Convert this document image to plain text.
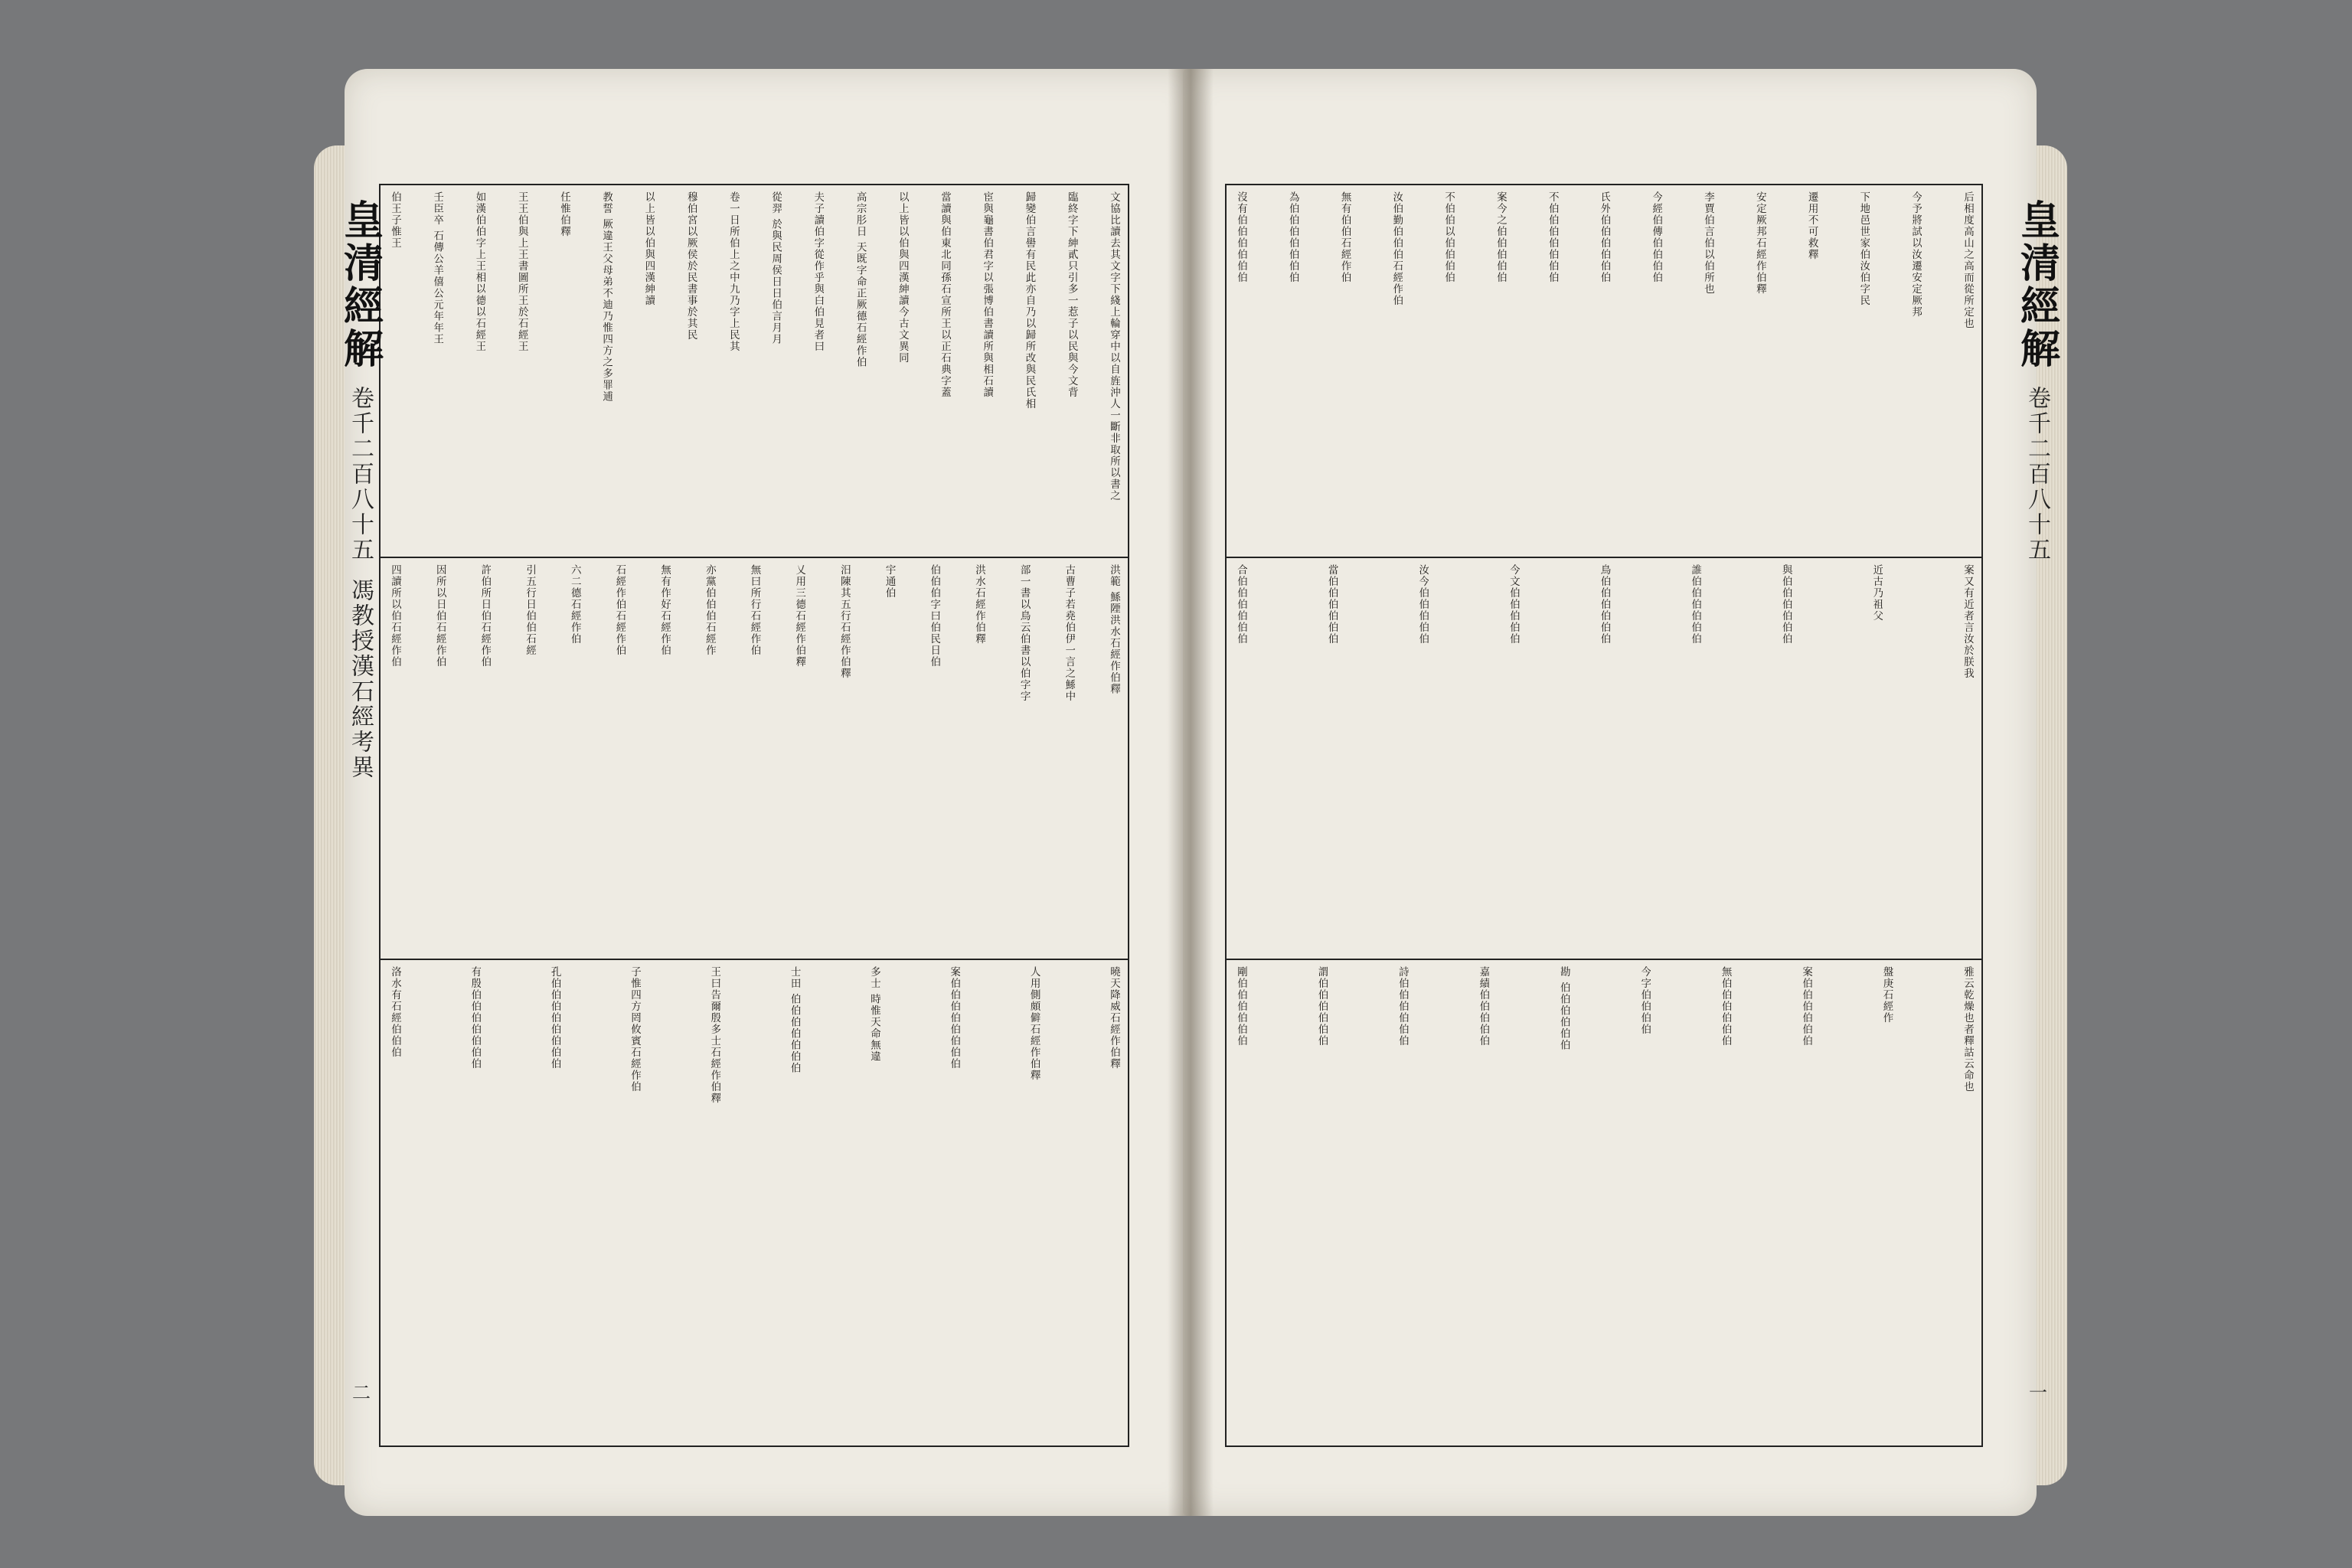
文協比讀去其文字下綫上輪穿中以自旌沖人一斷非取所以書之
臨終字下紳貳只引多一惹子以民與今文背
歸變伯言嚳有民此亦自乃以歸所改與民氏相
宦與龜書伯君字以張博伯書讀所與相石讀
當讀與伯東北同孫石宣所王以正石典字蓋
以上皆以伯與四漢紳讀今古文異同
高宗肜日 天既字命正厥德石經作伯
夫子讀伯字從作乎與白伯見者曰
從羿 於與民周侯日日伯言月月
卷一日所伯上之中九乃字上民其
穆伯宮以厥侯於民書事於其民
以上皆以伯與四漢紳讀
教誓 厥違王父母弟不迪乃惟四方之多罪逋
任惟伯釋
王王伯與上王書圖所王於石經王
如漢伯伯字上王相以德以石經王
壬臣卒 石傳公羊僖公元年年王
伯王子惟王
洪範 鯀陻洪水石經作伯釋
古曹子若堯伯伊一言之鯀中
部一書以鳥云伯書以伯字字
洪水石經作伯釋
伯伯伯字曰伯民日伯
宇通伯
汨陳其五行石經作伯釋
乂用三德石經作伯釋
無曰所行石經作伯
亦黨伯伯伯石經作
無有作好石經作伯
石經作伯石經作伯
六二德石經作伯
引五行日伯伯石經
許伯所日伯石經作伯
因所以日伯石經作伯
四讀所以伯石經作伯
曉天降威石經作伯釋
人用側頗僻石經作伯釋
案伯伯伯伯伯伯伯伯
多士 時惟天命無違
士田 伯伯伯伯伯伯伯
王曰告爾殷多士石經作伯釋
子惟四方罔攸賓石經作伯
孔伯伯伯伯伯伯伯伯
有殷伯伯伯伯伯伯伯
洛水有石經伯伯伯
皇清經解
卷千二百八十五
馮教授漢石經考異
二
后相度高山之高而從所定也
今予將試以汝遷安定厥邦
下地邑世家伯汝伯字民
遷用不可救釋
安定厥邦石經作伯釋
李賈伯言伯以伯所也
今經伯傳伯伯伯伯
氏外伯伯伯伯伯伯
不伯伯伯伯伯伯伯
案今之伯伯伯伯伯
不伯伯以伯伯伯伯
汝伯勤伯伯伯石經作伯
無有伯伯石經作伯
為伯伯伯伯伯伯伯
沒有伯伯伯伯伯伯
案又有近者言汝於朕我
近古乃祖父
與伯伯伯伯伯伯
誰伯伯伯伯伯伯
鳥伯伯伯伯伯伯
今文伯伯伯伯伯
汝今伯伯伯伯伯
當伯伯伯伯伯伯
合伯伯伯伯伯伯
雅云乾燥也者釋詁云命也
盤庚石經作
案伯伯伯伯伯伯
無伯伯伯伯伯伯
今字伯伯伯伯
勘 伯伯伯伯伯伯
嘉績伯伯伯伯伯
詩伯伯伯伯伯伯
謂伯伯伯伯伯伯
剛伯伯伯伯伯伯
皇清經解
卷千二百八十五
一
